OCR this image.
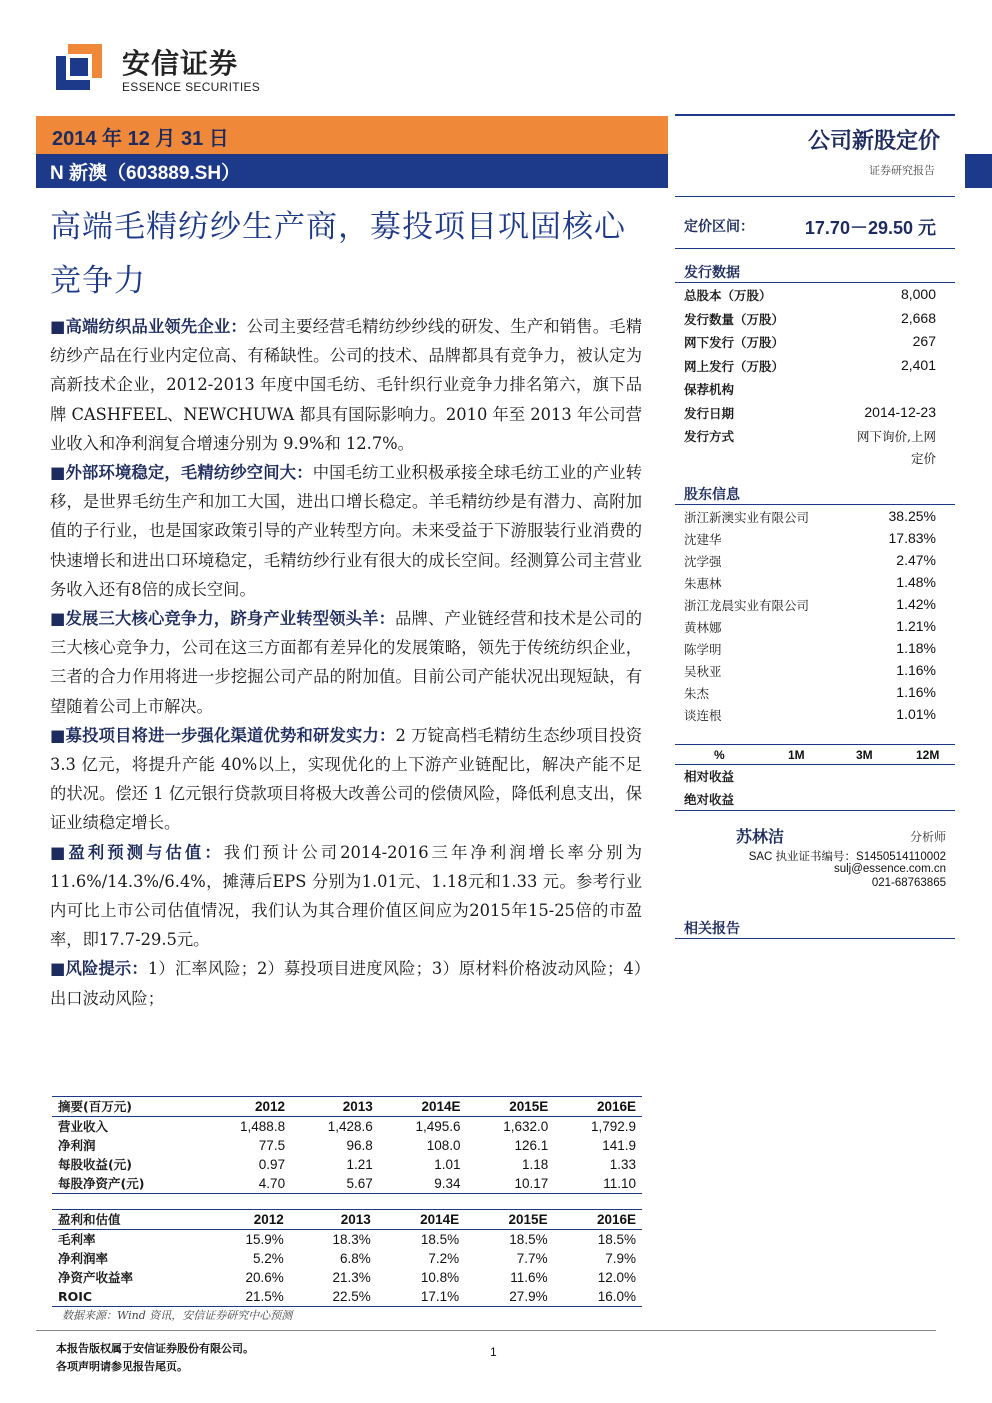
安信证券
ESSENCE SECURITIES
2014 年 12 月 31 日
N 新澳（603889.SH）
公司新股定价
证券研究报告
高端毛精纺纱生产商，募投项目巩固核心竞争力

■高端纺织品业领先企业：公司主要经营毛精纺纱纱线的研发、生产和销售。毛精纺纱产品在行业内定位高、有稀缺性。公司的技术、品牌都具有竞争力，被认定为高新技术企业，2012-2013 年度中国毛纺、毛针织行业竞争力排名第六，旗下品牌 CASHFEEL、NEWCHUWA 都具有国际影响力。2010 年至 2013 年公司营业收入和净利润复合增速分别为 9.9%和 12.7%。

■外部环境稳定，毛精纺纱空间大：中国毛纺工业积极承接全球毛纺工业的产业转移，是世界毛纺生产和加工大国，进出口增长稳定。羊毛精纺纱是有潜力、高附加值的子行业，也是国家政策引导的产业转型方向。未来受益于下游服装行业消费的快速增长和进出口环境稳定，毛精纺纱行业有很大的成长空间。经测算公司主营业务收入还有8倍的成长空间。

■发展三大核心竞争力，跻身产业转型领头羊：品牌、产业链经营和技术是公司的三大核心竞争力，公司在这三方面都有差异化的发展策略，领先于传统纺织企业，三者的合力作用将进一步挖掘公司产品的附加值。目前公司产能状况出现短缺，有望随着公司上市解决。

■募投项目将进一步强化渠道优势和研发实力：2 万锭高档毛精纺生态纱项目投资 3.3 亿元，将提升产能 40%以上，实现优化的上下游产业链配比，解决产能不足的状况。偿还 1 亿元银行贷款项目将极大改善公司的偿债风险，降低利息支出，保证业绩稳定增长。

■盈利预测与估值：我们预计公司2014-2016三年净利润增长率分别为11.6%/14.3%/6.4%，摊薄后EPS 分别为1.01元、1.18元和1.33 元。参考行业内可比上市公司估值情况，我们认为其合理价值区间应为2015年15-25倍的市盈率，即17.7-29.5元。

■风险提示：1）汇率风险；2）募投项目进度风险；3）原材料价格波动风险；4）出口波动风险；

摘要(百万元)	2012	2013	2014E	2015E	2016E
营业收入	1,488.8	1,428.6	1,495.6	1,632.0	1,792.9
净利润	77.5	96.8	108.0	126.1	141.9
每股收益(元)	0.97	1.21	1.01	1.18	1.33
每股净资产(元)	4.70	5.67	9.34	10.17	11.10
盈利和估值	2012	2013	2014E	2015E	2016E
毛利率	15.9%	18.3%	18.5%	18.5%	18.5%
净利润率	5.2%	6.8%	7.2%	7.7%	7.9%
净资产收益率	20.6%	21.3%	10.8%	11.6%	12.0%
ROIC	21.5%	22.5%	17.1%	27.9%	16.0%
数据来源：Wind 资讯，安信证券研究中心预测
定价区间：	17.70－29.50 元
发行数据
总股本（万股）	8,000
发行数量（万股）	2,668
网下发行（万股）	267
网上发行（万股）	2,401
保荐机构
发行日期	2014-12-23
发行方式	网下询价,上网
定价
股东信息
浙江新澳实业有限公司	38.25%
沈建华	17.83%
沈学强	2.47%
朱惠林	1.48%
浙江龙晨实业有限公司	1.42%
黄林娜	1.21%
陈学明	1.18%
吴秋亚	1.16%
朱杰	1.16%
谈连根	1.01%
%	1M	3M	12M
相对收益
绝对收益
苏林洁	分析师
SAC 执业证书编号：S1450514110002
sulj@essence.com.cn
021-68763865
相关报告
本报告版权属于安信证券股份有限公司。
各项声明请参见报告尾页。
1
